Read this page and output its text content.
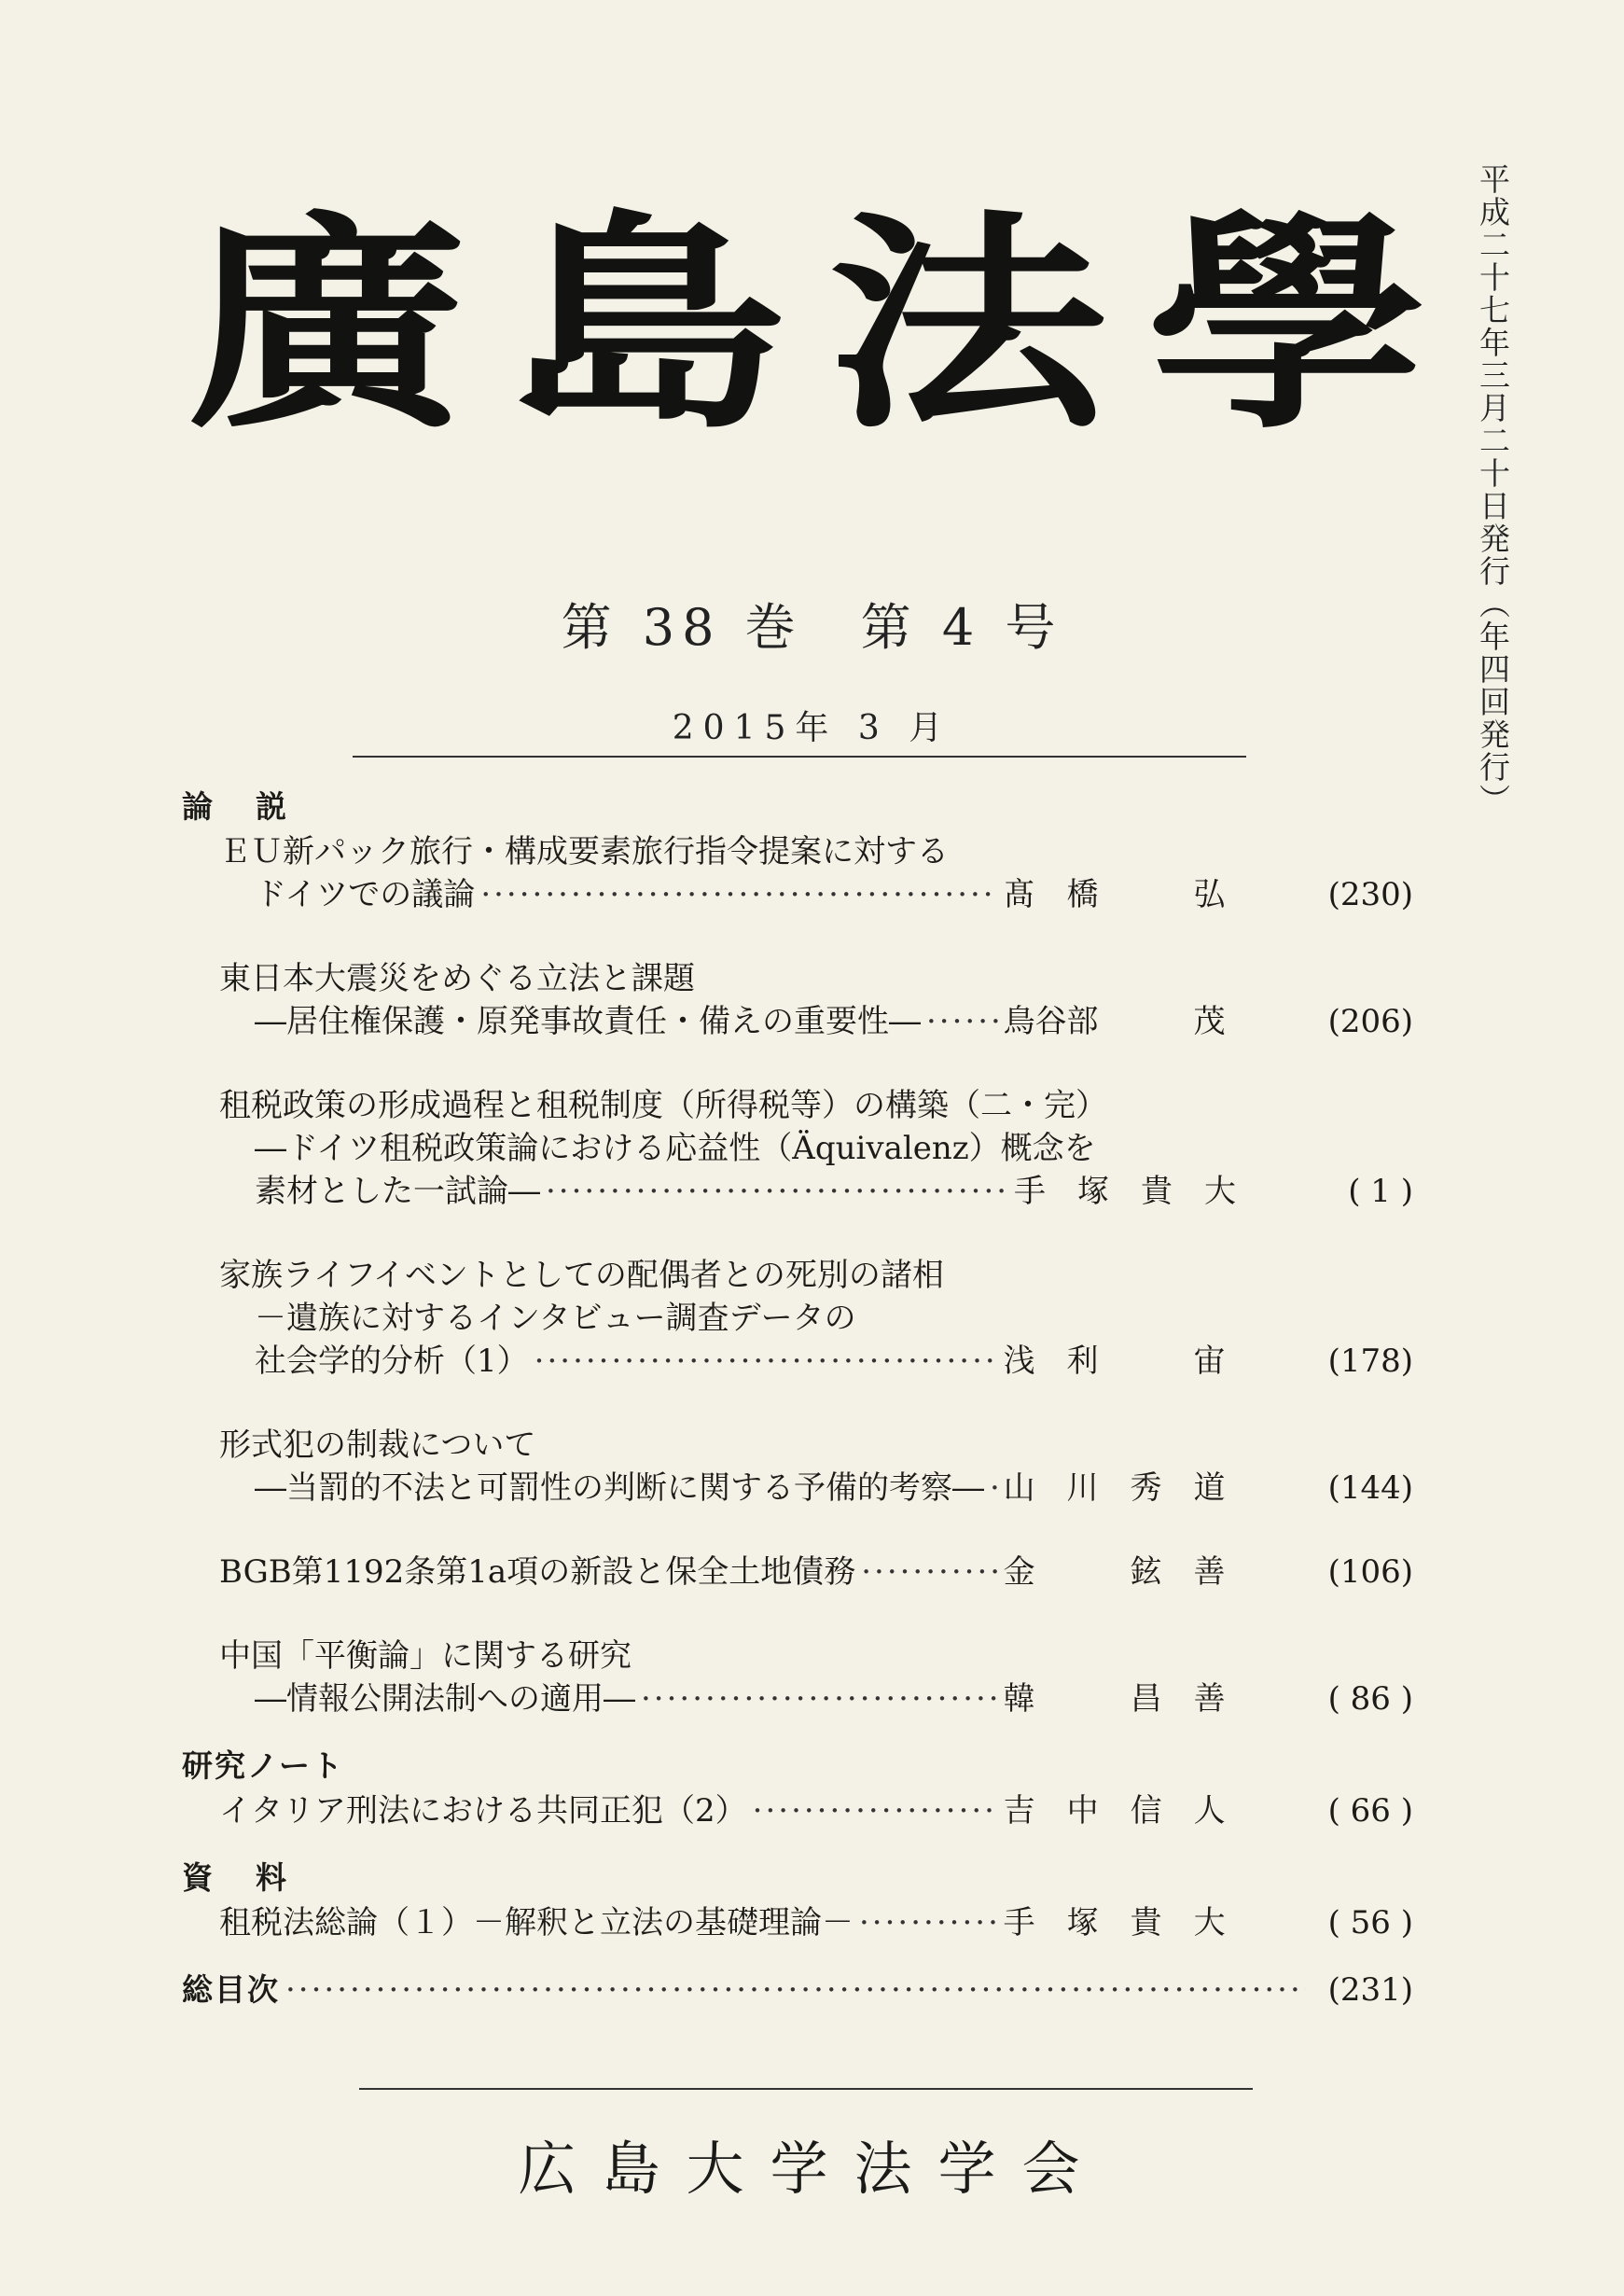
廣 島 法 學 平成二十七年三月二十日発行（年四回発行）
第 38 巻　第 4 号
2015年 3 月
論説
ＥＵ新パック旅行・構成要素旅行指令提案に対する
ドイツでの議論 ·····	髙　橋　　　弘	(230)
東日本大震災をめぐる立法と課題
―居住権保護・原発事故責任・備えの重要性― ·····	鳥谷部　　　茂	(206)
租税政策の形成過程と租税制度（所得税等）の構築（二・完）
―ドイツ租税政策論における応益性（Äquivalenz）概念を
素材とした一試論― ·····	手　塚　貴　大	( 1 )
家族ライフイベントとしての配偶者との死別の諸相
－遺族に対するインタビュー調査データの
社会学的分析（1） ·····	浅　利　　　宙	(178)
形式犯の制裁について
―当罰的不法と可罰性の判断に関する予備的考察― ····· 山　川　秀　道	(144)
BGB第1192条第1a項の新設と保全土地債務 ·····	金　　　鉉　善	(106)
中国「平衡論」に関する研究
―情報公開法制への適用― ·····	韓　　　昌　善	( 86 )
研究ノート
イタリア刑法における共同正犯（2） ·····	吉　中　信　人	( 66 )
資料
租税法総論（１）－解釈と立法の基礎理論－ ·····	手　塚　貴　大	( 56 )
総目次 ·····	(231)
広島大学法学会
